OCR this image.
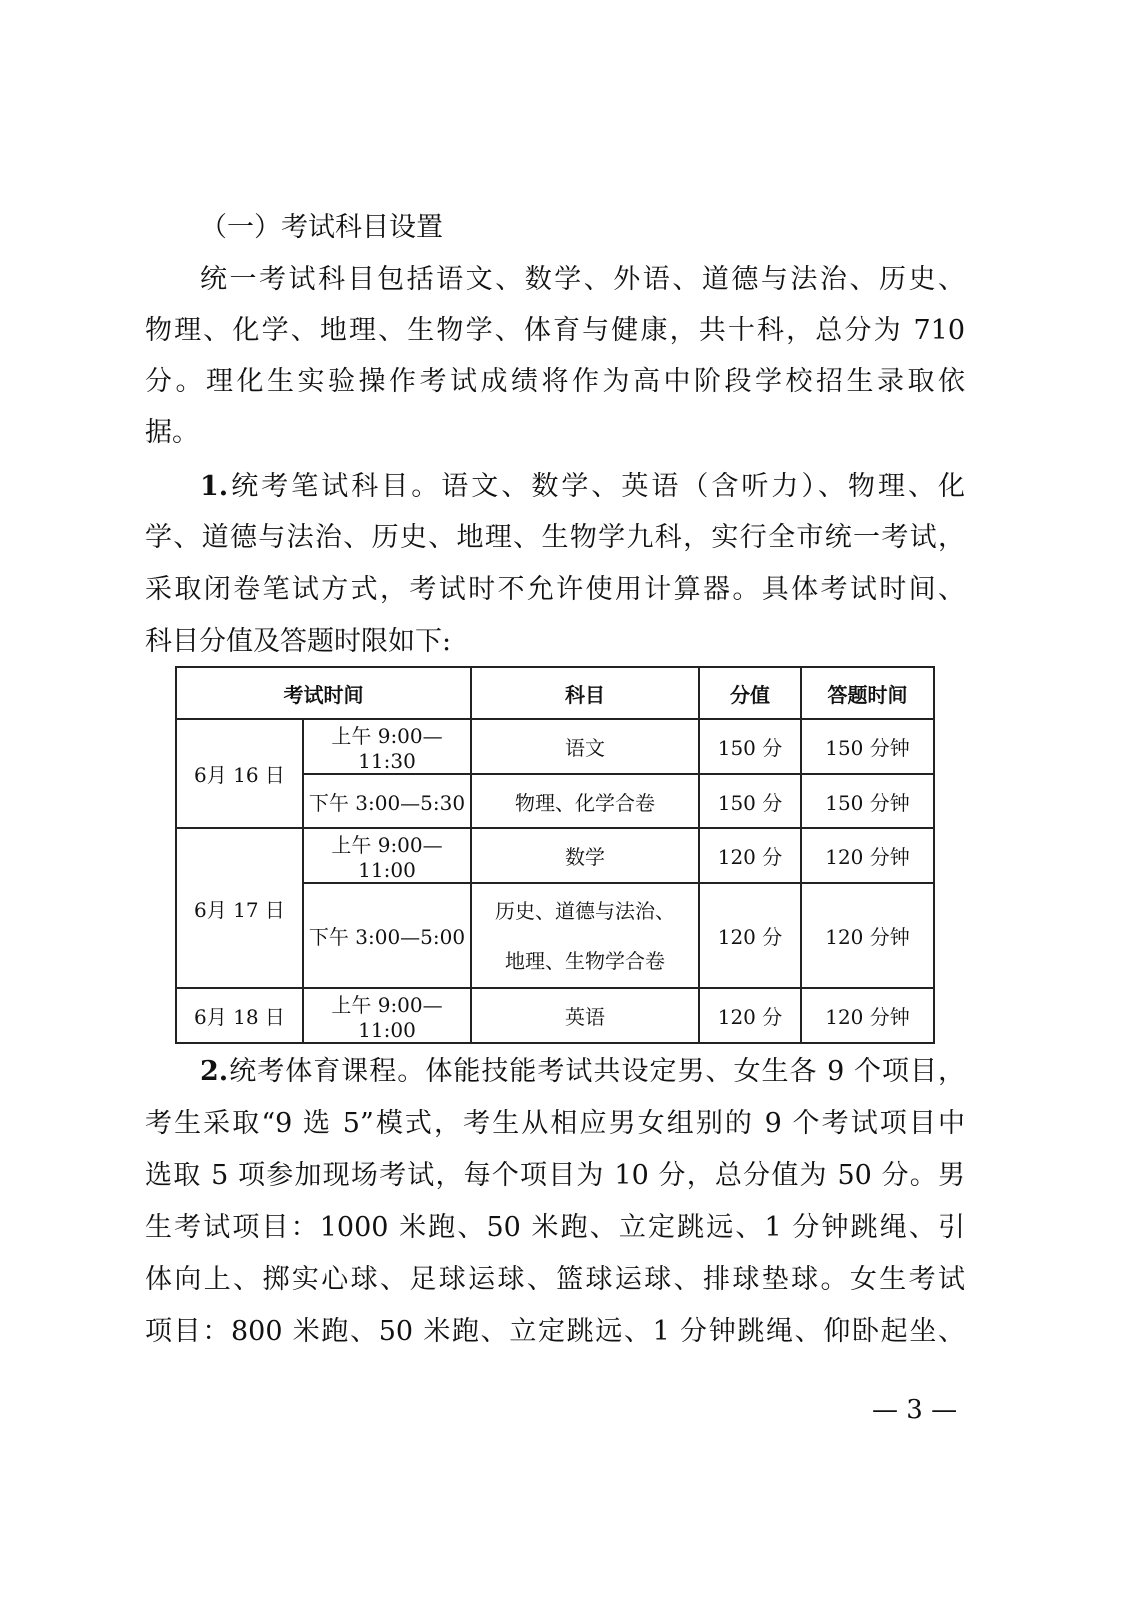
（一）考试科目设置
统一考试科目包括语文、数学、外语、道德与法治、历史、
物理、化学、地理、生物学、体育与健康，共十科，总分为 710
分。理化生实验操作考试成绩将作为高中阶段学校招生录取依
据。
1.统考笔试科目。语文、数学、英语（含听力）、物理、化
学、道德与法治、历史、地理、生物学九科，实行全市统一考试，
采取闭卷笔试方式，考试时不允许使用计算器。具体考试时间、
科目分值及答题时限如下:
考试时间		科目	分值	答题时间
6月 16 日	上午 9:00—11:30	语文	150 分	150 分钟
	下午 3:00—5:30	物理、化学合卷	150 分	150 分钟
6月 17 日	上午 9:00—11:00	数学	120 分	120 分钟
	下午 3:00—5:00	历史、道德与法治、
地理、生物学合卷	120 分	120 分钟
6月 18 日	上午 9:00—11:00	英语	120 分	120 分钟
2.统考体育课程。体能技能考试共设定男、女生各 9 个项目，
考生采取“9 选 5”模式，考生从相应男女组别的 9 个考试项目中
选取 5 项参加现场考试，每个项目为 10 分，总分值为 50 分。男
生考试项目：1000 米跑、50 米跑、立定跳远、1 分钟跳绳、引
体向上、掷实心球、足球运球、篮球运球、排球垫球。女生考试
项目：800 米跑、50 米跑、立定跳远、1 分钟跳绳、仰卧起坐、
— 3 —
